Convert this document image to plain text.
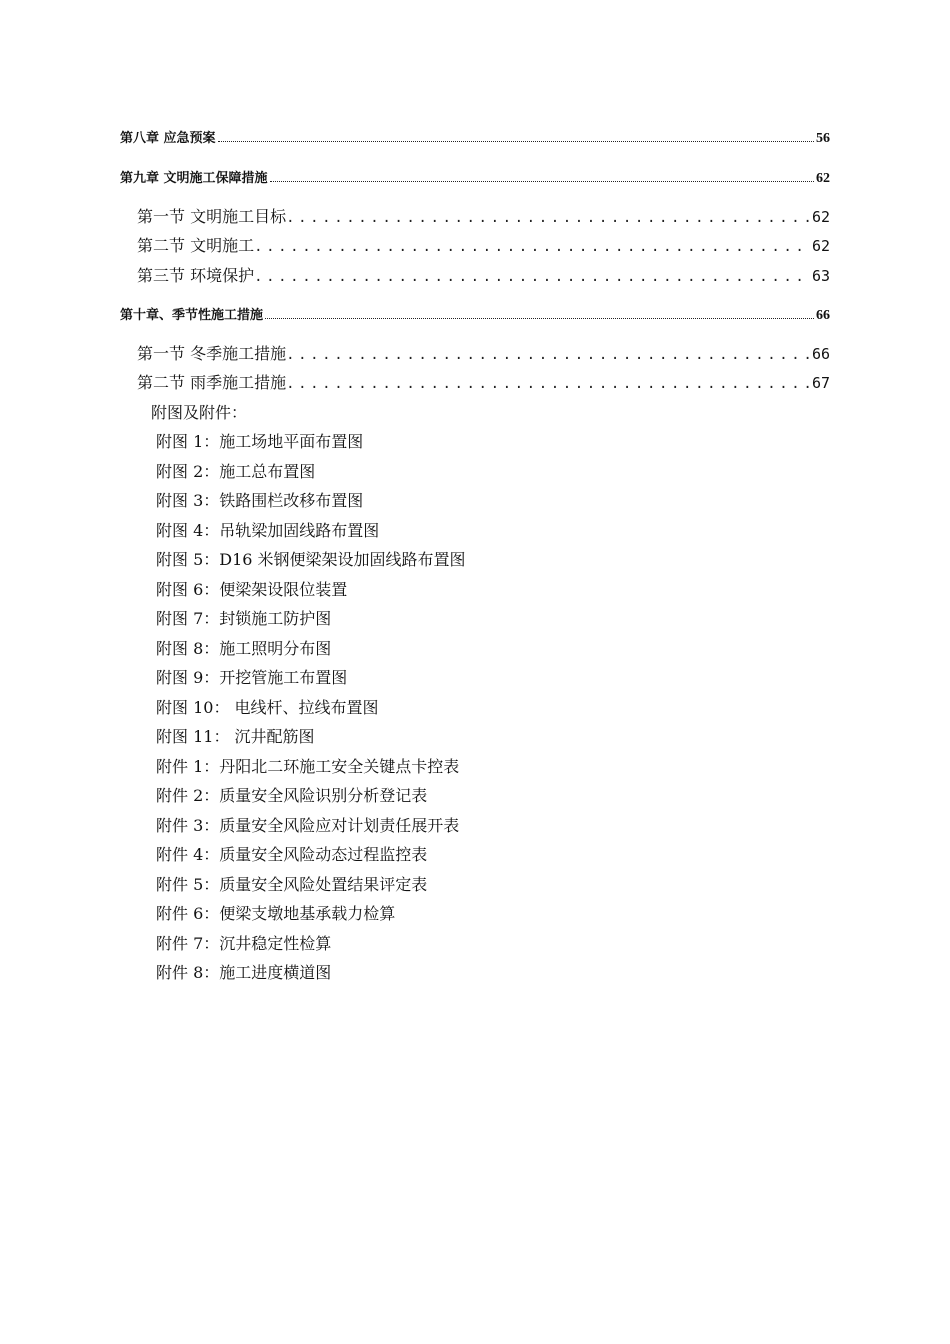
第八章 应急预案	56
第九章 文明施工保障措施	62
第一节 文明施工目标 .....	62
第二节 文明施工 .....	62
第三节 环境保护 .....	63
第十章、季节性施工措施	66
第一节 冬季施工措施 .....	66
第二节 雨季施工措施 .....	67
附图及附件：
附图 1：施工场地平面布置图
附图 2：施工总布置图
附图 3：铁路围栏改移布置图
附图 4：吊轨梁加固线路布置图
附图 5：D16 米钢便梁架设加固线路布置图
附图 6：便梁架设限位装置
附图 7：封锁施工防护图
附图 8：施工照明分布图
附图 9：开挖管施工布置图
附图 10： 电线杆、拉线布置图
附图 11： 沉井配筋图
附件 1：丹阳北二环施工安全关键点卡控表
附件 2：质量安全风险识别分析登记表
附件 3：质量安全风险应对计划责任展开表
附件 4：质量安全风险动态过程监控表
附件 5：质量安全风险处置结果评定表
附件 6：便梁支墩地基承载力检算
附件 7：沉井稳定性检算
附件 8：施工进度横道图
